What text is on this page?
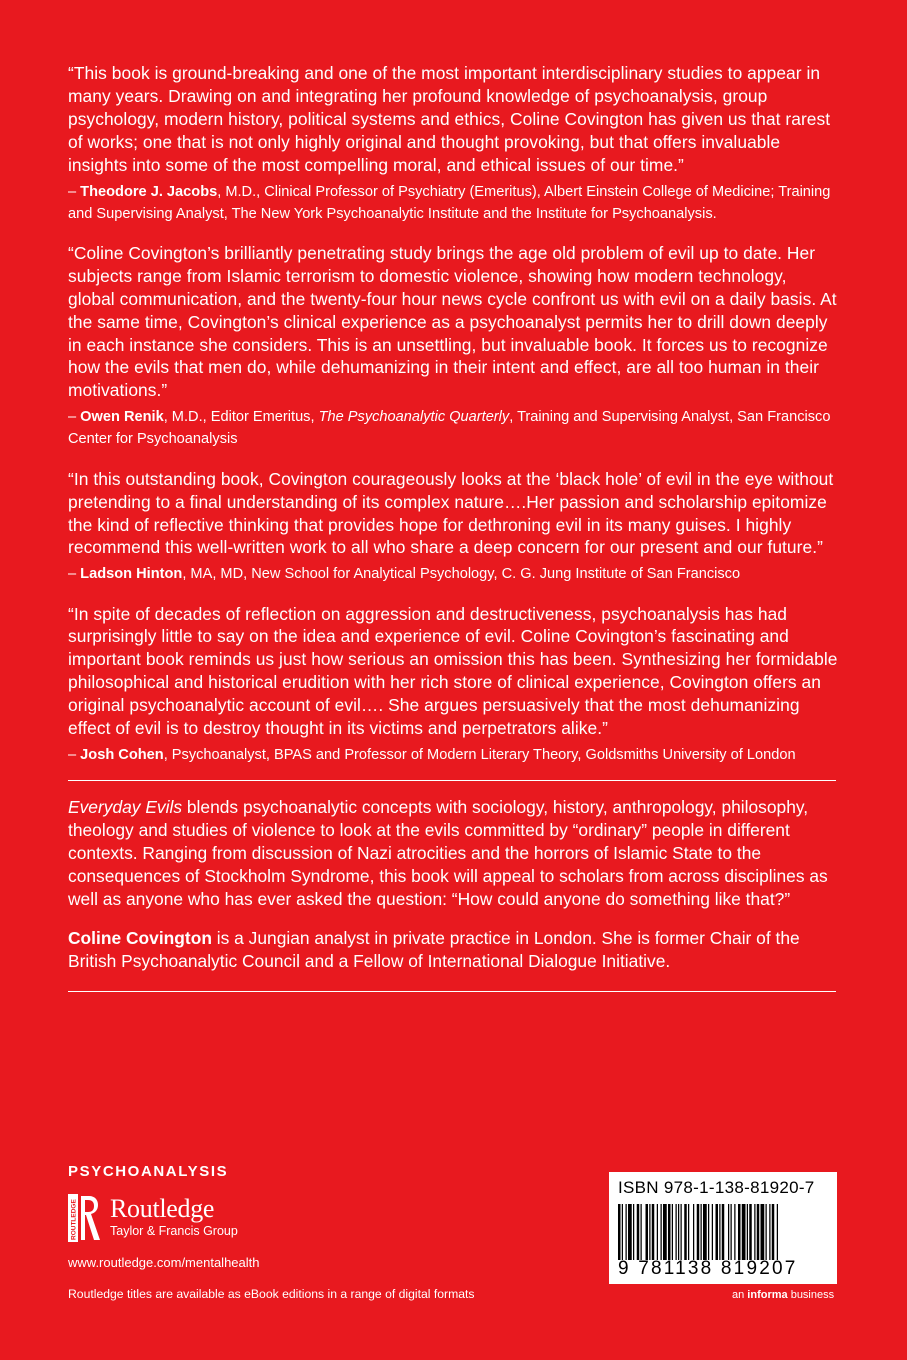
“This book is ground-breaking and one of the most important interdisciplinary studies to appear in many years. Drawing on and integrating her profound knowledge of psychoanalysis, group psychology, modern history, political systems and ethics, Coline Covington has given us that rarest of works; one that is not only highly original and thought provoking, but that offers invaluable insights into some of the most compelling moral, and ethical issues of our time.”

– Theodore J. Jacobs, M.D., Clinical Professor of Psychiatry (Emeritus), Albert Einstein College of Medicine; Training and Supervising Analyst, The New York Psychoanalytic Institute and the Institute for Psychoanalysis.

“Coline Covington’s brilliantly penetrating study brings the age old problem of evil up to date. Her subjects range from Islamic terrorism to domestic violence, showing how modern technology, global communication, and the twenty-four hour news cycle confront us with evil on a daily basis. At the same time, Covington’s clinical experience as a psychoanalyst permits her to drill down deeply in each instance she considers. This is an unsettling, but invaluable book. It forces us to recognize how the evils that men do, while dehumanizing in their intent and effect, are all too human in their motivations.”

– Owen Renik, M.D., Editor Emeritus, The Psychoanalytic Quarterly, Training and Supervising Analyst, San Francisco Center for Psychoanalysis

“In this outstanding book, Covington courageously looks at the ‘black hole’ of evil in the eye without pretending to a final understanding of its complex nature….Her passion and scholarship epitomize the kind of reflective thinking that provides hope for dethroning evil in its many guises. I highly recommend this well-written work to all who share a deep concern for our present and our future.”

– Ladson Hinton, MA, MD, New School for Analytical Psychology, C. G. Jung Institute of San Francisco

“In spite of decades of reflection on aggression and destructiveness, psychoanalysis has had surprisingly little to say on the idea and experience of evil. Coline Covington’s fascinating and important book reminds us just how serious an omission this has been. Synthesizing her formidable philosophical and historical erudition with her rich store of clinical experience, Covington offers an original psychoanalytic account of evil…. She argues persuasively that the most dehumanizing effect of evil is to destroy thought in its victims and perpetrators alike.”

– Josh Cohen, Psychoanalyst, BPAS and Professor of Modern Literary Theory, Goldsmiths University of London

Everyday Evils blends psychoanalytic concepts with sociology, history, anthropology, philosophy, theology and studies of violence to look at the evils committed by “ordinary” people in different contexts. Ranging from discussion of Nazi atrocities and the horrors of Islamic State to the consequences of Stockholm Syndrome, this book will appeal to scholars from across disciplines as well as anyone who has ever asked the question: “How could anyone do something like that?”

Coline Covington is a Jungian analyst in private practice in London. She is former Chair of the British Psychoanalytic Council and a Fellow of International Dialogue Initiative.

PSYCHOANALYSIS
ROUTLEDGE Routledge
Taylor & Francis Group
www.routledge.com/mentalhealth
Routledge titles are available as eBook editions in a range of digital formats
ISBN 978-1-138-81920-7
9 781138 819207
an informa business
